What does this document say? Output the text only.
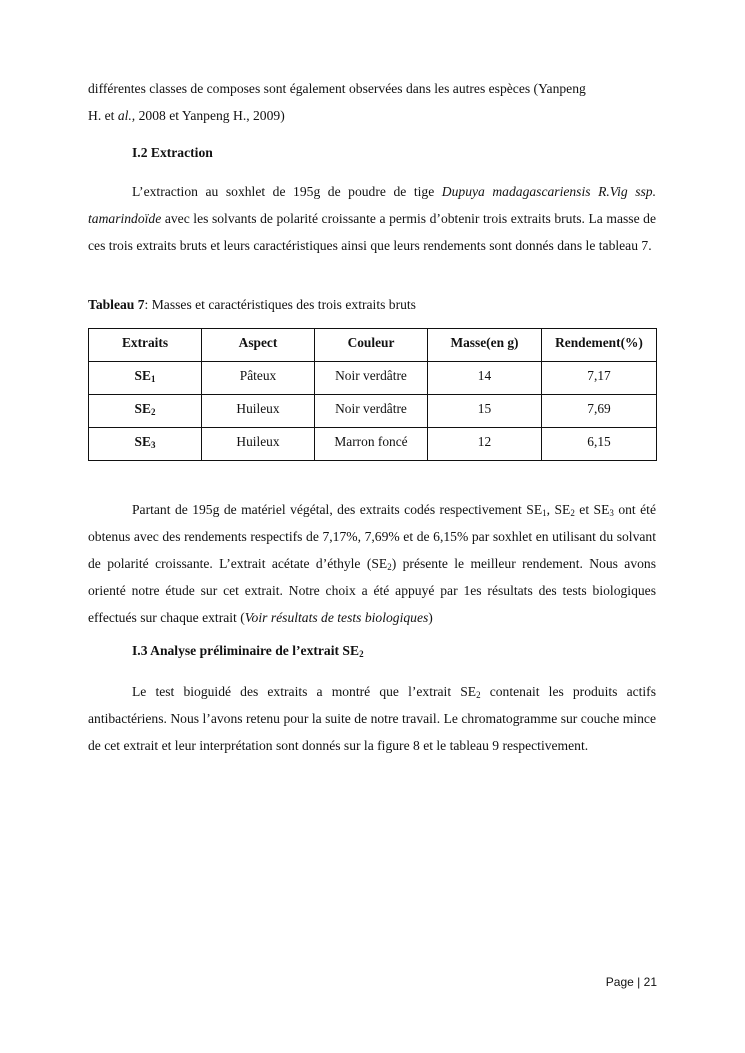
différentes classes de composes sont également observées dans les autres espèces (Yanpeng
H. et al., 2008 et Yanpeng H., 2009)

I.2 Extraction

L’extraction au soxhlet de 195g de poudre de tige Dupuya madagascariensis R.Vig ssp. tamarindoïde avec les solvants de polarité croissante a permis d’obtenir trois extraits bruts. La masse de ces trois extraits bruts et leurs caractéristiques ainsi que leurs rendements sont donnés dans le tableau 7.

Tableau 7: Masses et caractéristiques des trois extraits bruts

Extraits	Aspect	Couleur	Masse(en g)	Rendement(%)
$SE_1$	Pâteux	Noir verdâtre	14	7,17
$SE_2$	Huileux	Noir verdâtre	15	7,69
$SE_3$	Huileux	Marron foncé	12	6,15

Partant de 195g de matériel végétal, des extraits codés respectivement $SE_1$, $SE_2$ et $SE_3$ ont été obtenus avec des rendements respectifs de 7,17%, 7,69% et de 6,15% par soxhlet en utilisant du solvant de polarité croissante. L’extrait acétate d’éthyle $(SE_2)$ présente le meilleur rendement. Nous avons orienté notre étude sur cet extrait. Notre choix a été appuyé par 1es résultats des tests biologiques effectués sur chaque extrait (Voir résultats de tests biologiques)

I.3 Analyse préliminaire de l’extrait $SE_2$

Le test bioguidé des extraits a montré que l’extrait $SE_2$ contenait les produits actifs antibactériens. Nous l’avons retenu pour la suite de notre travail. Le chromatogramme sur couche mince de cet extrait et leur interprétation sont donnés sur la figure 8 et le tableau 9 respectivement.

Page | 21
